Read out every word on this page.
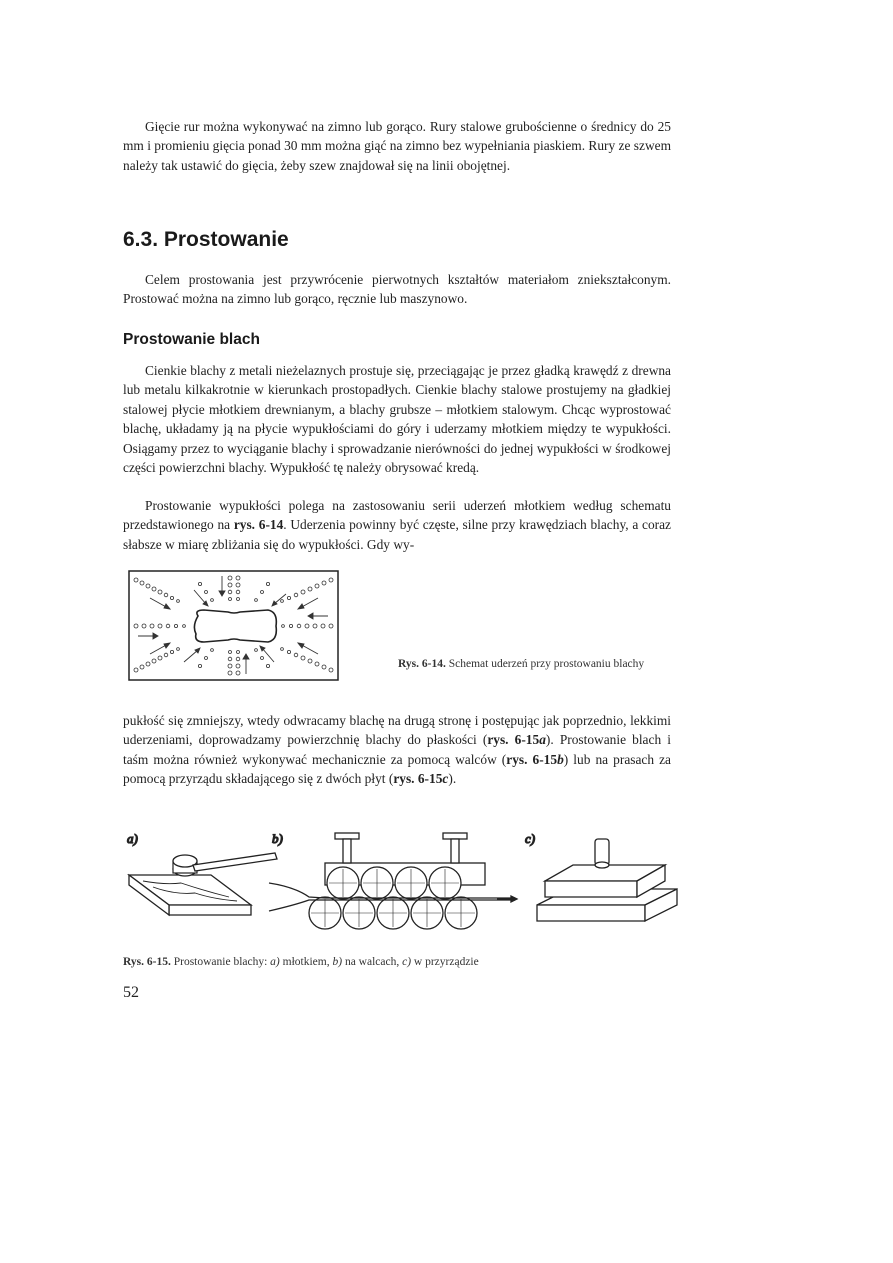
Gięcie rur można wykonywać na zimno lub gorąco. Rury stalowe grubościenne o średnicy do 25 mm i promieniu gięcia ponad 30 mm można giąć na zimno bez wypełniania piaskiem. Rury ze szwem należy tak ustawić do gięcia, żeby szew znajdował się na linii obojętnej.

6.3. Prostowanie

Celem prostowania jest przywrócenie pierwotnych kształtów materiałom zniekształconym. Prostować można na zimno lub gorąco, ręcznie lub maszynowo.

Prostowanie blach

Cienkie blachy z metali nieżelaznych prostuje się, przeciągając je przez gładką krawędź z drewna lub metalu kilkakrotnie w kierunkach prostopadłych. Cienkie blachy stalowe prostujemy na gładkiej stalowej płycie młotkiem drewnianym, a blachy grubsze – młotkiem stalowym. Chcąc wyprostować blachę, układamy ją na płycie wypukłościami do góry i uderzamy młotkiem między te wypukłości. Osiągamy przez to wyciąganie blachy i sprowadzanie nierówności do jednej wypukłości w środkowej części powierzchni blachy. Wypukłość tę należy obrysować kredą.

Prostowanie wypukłości polega na zastosowaniu serii uderzeń młotkiem według schematu przedstawionego na rys. 6-14. Uderzenia powinny być częste, silne przy krawędziach blachy, a coraz słabsze w miarę zbliżania się do wypukłości. Gdy wy-

Rys. 6-14. Schemat uderzeń przy prostowaniu blachy

pukłość się zmniejszy, wtedy odwracamy blachę na drugą stronę i postępując jak poprzednio, lekkimi uderzeniami, doprowadzamy powierzchnię blachy do płaskości (rys. 6-15a). Prostowanie blach i taśm można również wykonywać mechanicznie za pomocą walców (rys. 6-15b) lub na prasach za pomocą przyrządu składającego się z dwóch płyt (rys. 6-15c).

a)	b)	c)
Rys. 6-15. Prostowanie blachy: a) młotkiem, b) na walcach, c) w przyrządzie
52
